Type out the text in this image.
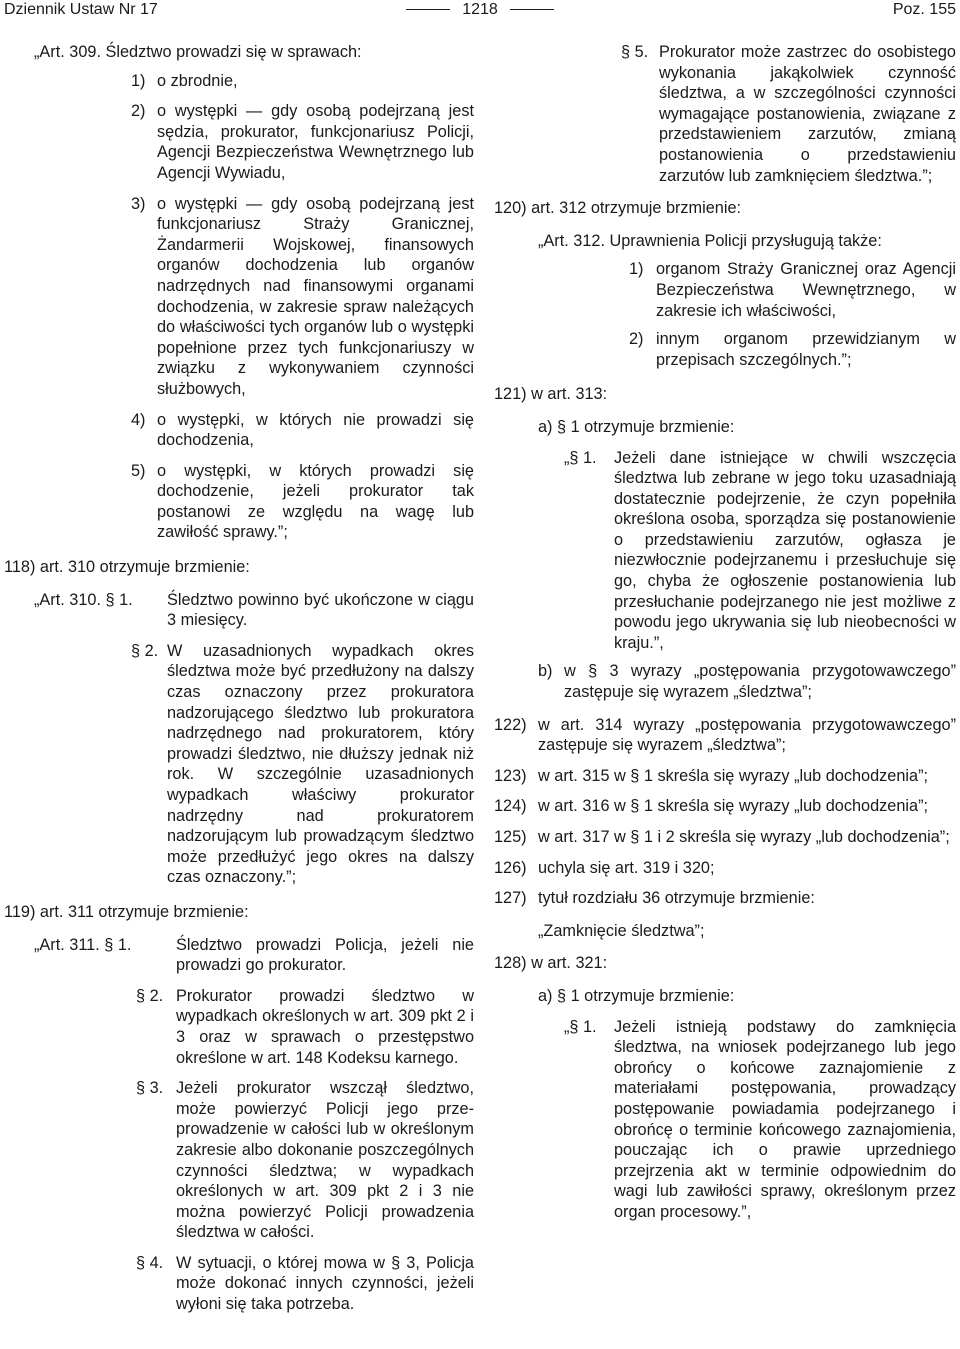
Dziennik Ustaw Nr 17	1218	Poz. 155

„Art. 309. Śledztwo prowadzi się w sprawach:

1) o zbrodnie,

2) o występki — gdy osobą podejrzaną jest sędzia, prokurator, funkcjonariusz Policji, Agencji Bezpieczeństwa Wewnętrznego lub Agencji Wywiadu,

3) o występki — gdy osobą podejrzaną jest funkcjonariusz Straży Granicznej, Żandarmerii Wojskowej, finansowych organów dochodzenia lub organów nadrzędnych nad finansowymi organami dochodzenia, w zakresie spraw należących do właściwości tych organów lub o występki popełnione przez tych funkcjonariuszy w związku z wykonywaniem czynności służbowych,

4) o występki, w których nie prowadzi się dochodzenia,

5) o występki, w których prowadzi się dochodzenie, jeżeli prokurator tak postanowi ze względu na wagę lub zawiłość sprawy.”;

118) art. 310 otrzymuje brzmienie:

„Art. 310. § 1. Śledztwo powinno być ukończone w ciągu 3 miesięcy.

§ 2. W uzasadnionych wypadkach okres śledztwa może być przedłużony na dalszy czas oznaczony przez prokuratora nadzorującego śledztwo lub prokuratora nadrzędnego nad prokuratorem, który prowadzi śledztwo, nie dłuższy jednak niż rok. W szczególnie uzasadnionych wypadkach właściwy prokurator nadrzędny nad prokuratorem nadzorującym lub prowadzącym śledztwo może przedłużyć jego okres na dalszy czas oznaczony.”;

119) art. 311 otrzymuje brzmienie:

„Art. 311. § 1.	Śledztwo prowadzi Policja, jeżeli nie prowadzi go prokurator.

§ 2. Prokurator prowadzi śledztwo w wypadkach określonych w art. 309 pkt 2 i 3 oraz w sprawach o przestępstwo określone w art. 148 Kodeksu karnego.

§ 3. Jeżeli prokurator wszczął śledztwo, może powierzyć Policji jego przeprowadzenie w całości lub w określonym zakresie albo dokonanie poszczególnych czynności śledztwa; w wypadkach określonych w art. 309 pkt 2 i 3 nie można powierzyć Policji prowadzenia śledztwa w całości.

§ 4. W sytuacji, o której mowa w § 3, Policja może dokonać innych czynności, jeżeli wyłoni się taka potrzeba.

§ 5. Prokurator może zastrzec do osobistego wykonania jakąkolwiek czynność śledztwa, a w szczególności czynności wymagające postanowienia, związane z przedstawieniem zarzutów, zmianą postanowienia o przedstawieniu zarzutów lub zamknięciem śledztwa.”;

120) art. 312 otrzymuje brzmienie:

„Art. 312. Uprawnienia Policji przysługują także:

1) organom Straży Granicznej oraz Agencji Bezpieczeństwa Wewnętrznego, w zakresie ich właściwości,

2) innym organom przewidzianym w przepisach szczególnych.”;

121) w art. 313:

a) § 1 otrzymuje brzmienie:

„§ 1. Jeżeli dane istniejące w chwili wszczęcia śledztwa lub zebrane w jego toku uzasadniają dostatecznie podejrzenie, że czyn popełniła określona osoba, sporządza się postanowienie o przedstawieniu zarzutów, ogłasza je niezwłocznie podejrzanemu i przesłuchuje się go, chyba że ogłoszenie postanowienia lub przesłuchanie podejrzanego nie jest możliwe z powodu jego ukrywania się lub nieobecności w kraju.”,

b) w § 3 wyrazy „postępowania przygotowawczego” zastępuje się wyrazem „śledztwa”;

122) w art. 314 wyrazy „postępowania przygotowawczego” zastępuje się wyrazem „śledztwa”;

123) w art. 315 w § 1 skreśla się wyrazy „lub dochodzenia”;

124) w art. 316 w § 1 skreśla się wyrazy „lub dochodzenia”;

125) w art. 317 w § 1 i 2 skreśla się wyrazy „lub dochodzenia”;

126) uchyla się art. 319 i 320;

127) tytuł rozdziału 36 otrzymuje brzmienie:

„Zamknięcie śledztwa”;

128) w art. 321:

a) § 1 otrzymuje brzmienie:

„§ 1. Jeżeli istnieją podstawy do zamknięcia śledztwa, na wniosek podejrzanego lub jego obrońcy o końcowe zaznajomienie z materiałami postępowania, prowadzący postępowanie powiadamia podejrzanego i obrońcę o terminie końcowego zaznajomienia, pouczając ich o prawie uprzedniego przejrzenia akt w terminie odpowiednim do wagi lub zawiłości sprawy, określonym przez organ procesowy.”,
